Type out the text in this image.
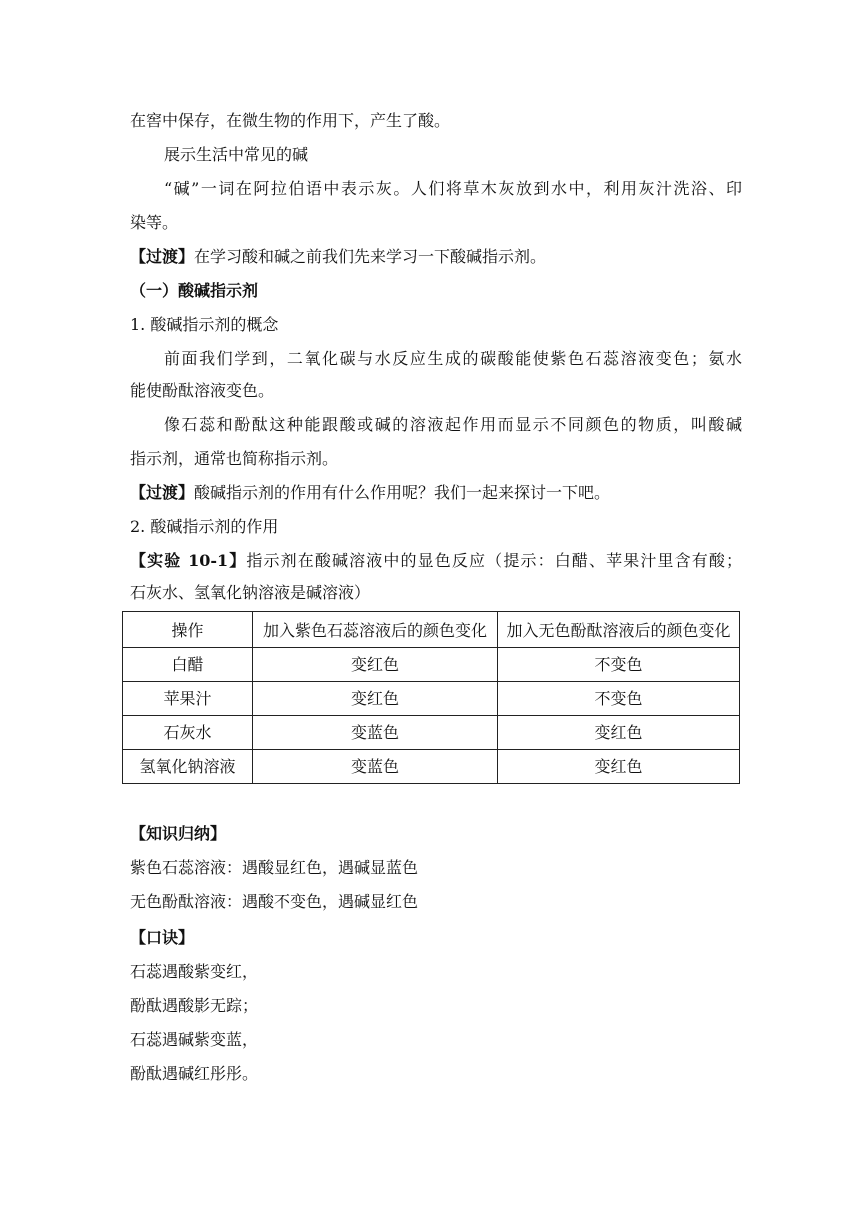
在窖中保存，在微生物的作用下，产生了酸。
展示生活中常见的碱
“碱”一词在阿拉伯语中表示灰。人们将草木灰放到水中，利用灰汁洗浴、印
染等。
【过渡】在学习酸和碱之前我们先来学习一下酸碱指示剂。
（一）酸碱指示剂
1. 酸碱指示剂的概念
前面我们学到，二氧化碳与水反应生成的碳酸能使紫色石蕊溶液变色；氨水
能使酚酞溶液变色。
像石蕊和酚酞这种能跟酸或碱的溶液起作用而显示不同颜色的物质，叫酸碱
指示剂，通常也简称指示剂。
【过渡】酸碱指示剂的作用有什么作用呢？我们一起来探讨一下吧。
2. 酸碱指示剂的作用
【实验 10-1】指示剂在酸碱溶液中的显色反应（提示：白醋、苹果汁里含有酸；
石灰水、氢氧化钠溶液是碱溶液）
操作	加入紫色石蕊溶液后的颜色变化	加入无色酚酞溶液后的颜色变化
白醋	变红色	不变色
苹果汁	变红色	不变色
石灰水	变蓝色	变红色
氢氧化钠溶液	变蓝色	变红色
【知识归纳】
紫色石蕊溶液：遇酸显红色，遇碱显蓝色
无色酚酞溶液：遇酸不变色，遇碱显红色
【口诀】
石蕊遇酸紫变红，
酚酞遇酸影无踪；
石蕊遇碱紫变蓝，
酚酞遇碱红彤彤。
